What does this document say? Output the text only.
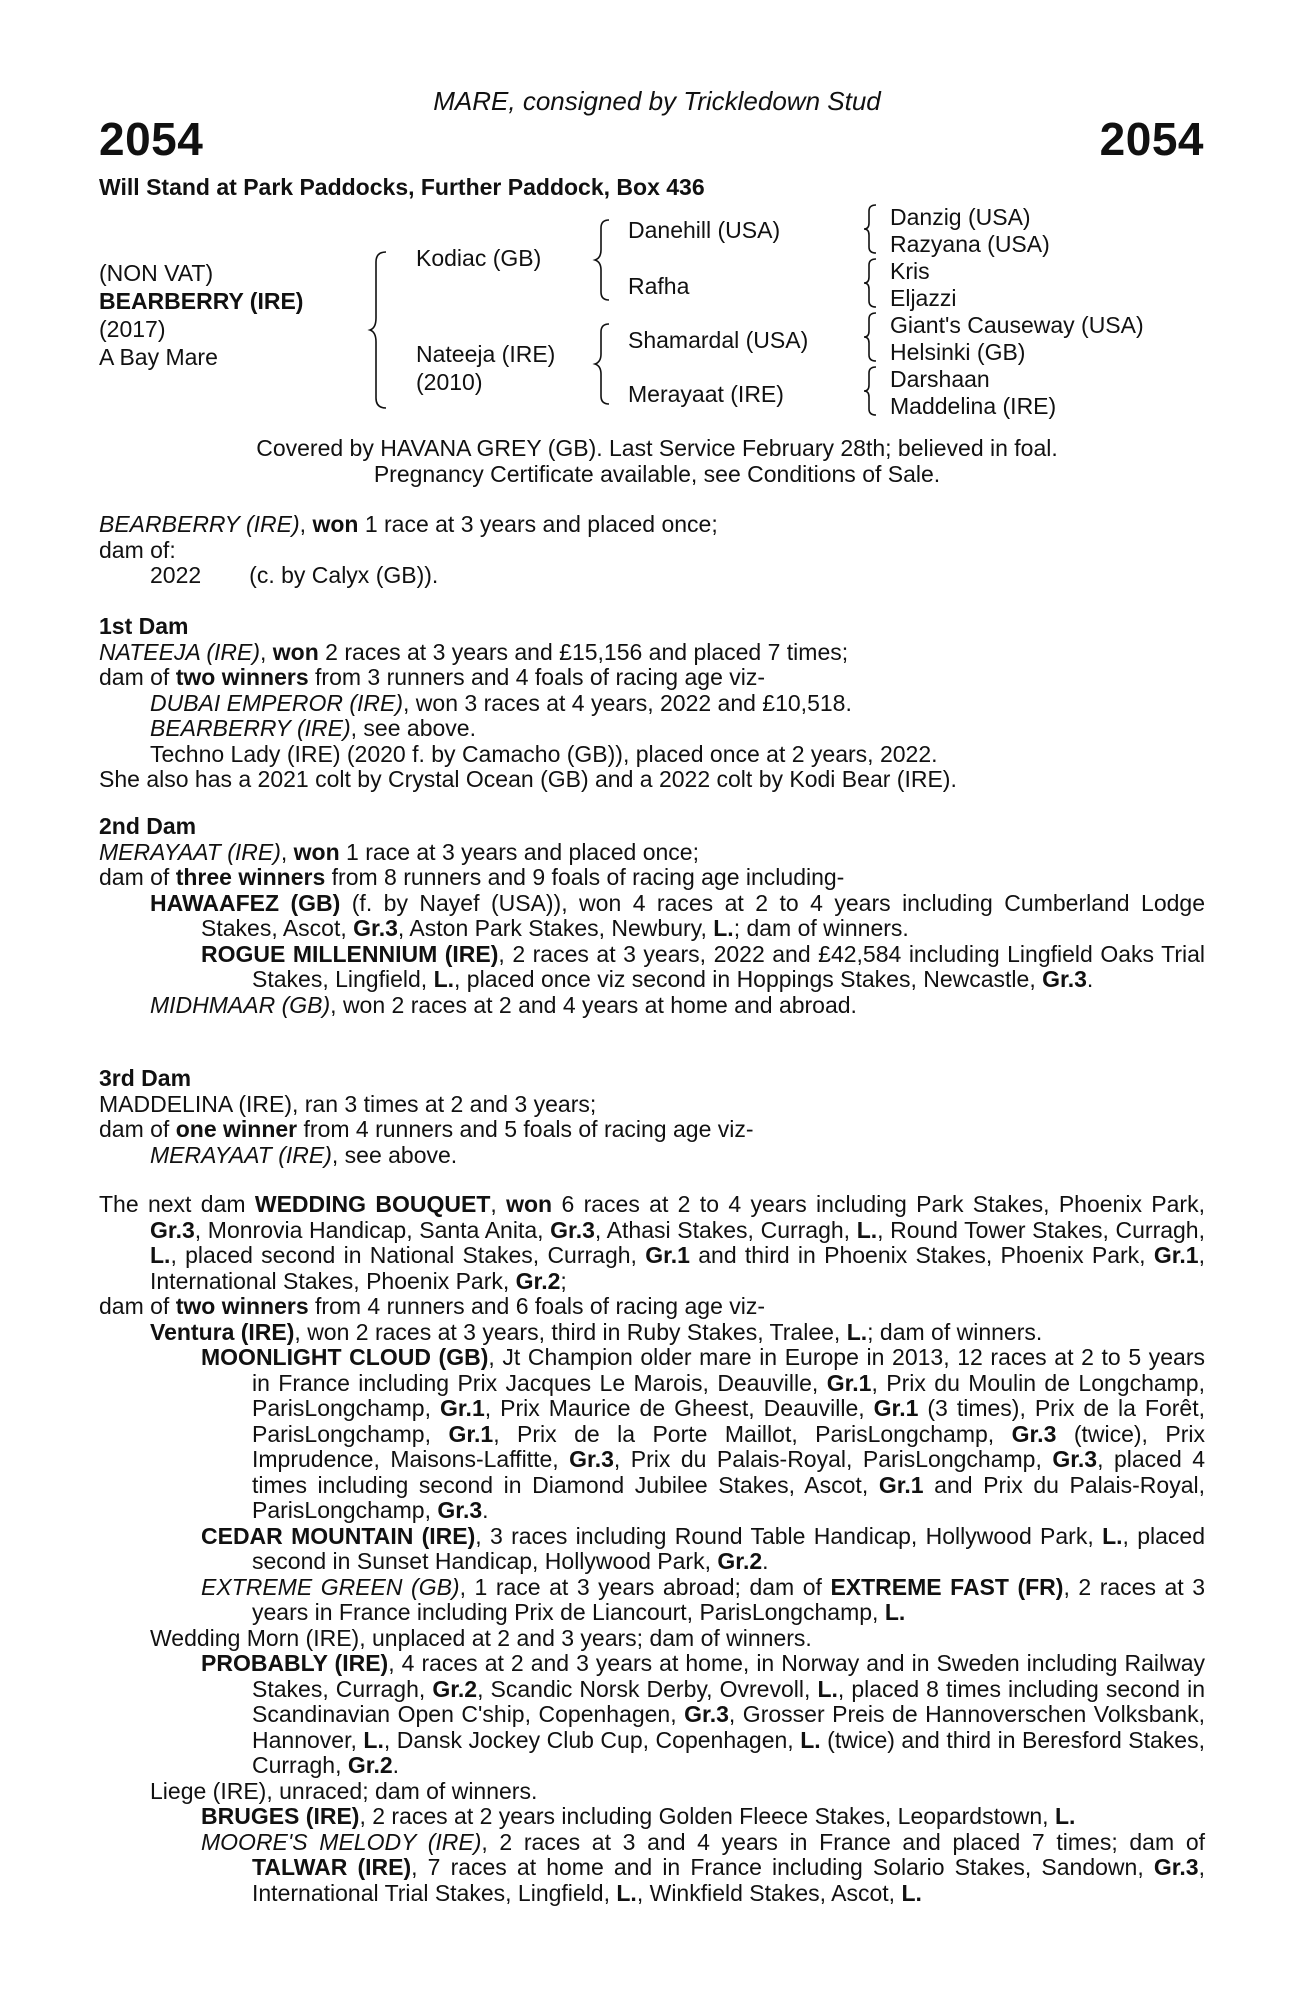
MARE, consigned by Trickledown Stud
2054	2054
Will Stand at Park Paddocks, Further Paddock, Box 436
(NON VAT)
BEARBERRY (IRE)
(2017)
A Bay Mare
Kodiac (GB)
Nateeja (IRE)
(2010)
Danehill (USA)
Rafha
Shamardal (USA)
Merayaat (IRE)
Danzig (USA)
Razyana (USA)
Kris
Eljazzi
Giant's Causeway (USA)
Helsinki (GB)
Darshaan
Maddelina (IRE)
Covered by HAVANA GREY (GB). Last Service February 28th; believed in foal.
Pregnancy Certificate available, see Conditions of Sale.

BEARBERRY (IRE), won 1 race at 3 years and placed once;

dam of:

2022 (c. by Calyx (GB)).

1st Dam

NATEEJA (IRE), won 2 races at 3 years and £15,156 and placed 7 times;

dam of two winners from 3 runners and 4 foals of racing age viz-

DUBAI EMPEROR (IRE), won 3 races at 4 years, 2022 and £10,518.

BEARBERRY (IRE), see above.

Techno Lady (IRE) (2020 f. by Camacho (GB)), placed once at 2 years, 2022.

She also has a 2021 colt by Crystal Ocean (GB) and a 2022 colt by Kodi Bear (IRE).

2nd Dam

MERAYAAT (IRE), won 1 race at 3 years and placed once;

dam of three winners from 8 runners and 9 foals of racing age including-

HAWAAFEZ (GB) (f. by Nayef (USA)), won 4 races at 2 to 4 years including Cumberland Lodge Stakes, Ascot, Gr.3, Aston Park Stakes, Newbury, L.; dam of winners.

ROGUE MILLENNIUM (IRE), 2 races at 3 years, 2022 and £42,584 including Lingfield Oaks Trial Stakes, Lingfield, L., placed once viz second in Hoppings Stakes, Newcastle, Gr.3.

MIDHMAAR (GB), won 2 races at 2 and 4 years at home and abroad.

3rd Dam

MADDELINA (IRE), ran 3 times at 2 and 3 years;

dam of one winner from 4 runners and 5 foals of racing age viz-

MERAYAAT (IRE), see above.

The next dam WEDDING BOUQUET, won 6 races at 2 to 4 years including Park Stakes, Phoenix Park, Gr.3, Monrovia Handicap, Santa Anita, Gr.3, Athasi Stakes, Curragh, L., Round Tower Stakes, Curragh, L., placed second in National Stakes, Curragh, Gr.1 and third in Phoenix Stakes, Phoenix Park, Gr.1, International Stakes, Phoenix Park, Gr.2;

dam of two winners from 4 runners and 6 foals of racing age viz-

Ventura (IRE), won 2 races at 3 years, third in Ruby Stakes, Tralee, L.; dam of winners.

MOONLIGHT CLOUD (GB), Jt Champion older mare in Europe in 2013, 12 races at 2 to 5 years in France including Prix Jacques Le Marois, Deauville, Gr.1, Prix du Moulin de Longchamp, ParisLongchamp, Gr.1, Prix Maurice de Gheest, Deauville, Gr.1 (3 times), Prix de la Forêt, ParisLongchamp, Gr.1, Prix de la Porte Maillot, ParisLongchamp, Gr.3 (twice), Prix Imprudence, Maisons-Laffitte, Gr.3, Prix du Palais-Royal, ParisLongchamp, Gr.3, placed 4 times including second in Diamond Jubilee Stakes, Ascot, Gr.1 and Prix du Palais-Royal, ParisLongchamp, Gr.3.

CEDAR MOUNTAIN (IRE), 3 races including Round Table Handicap, Hollywood Park, L., placed second in Sunset Handicap, Hollywood Park, Gr.2.

EXTREME GREEN (GB), 1 race at 3 years abroad; dam of EXTREME FAST (FR), 2 races at 3 years in France including Prix de Liancourt, ParisLongchamp, L.

Wedding Morn (IRE), unplaced at 2 and 3 years; dam of winners.

PROBABLY (IRE), 4 races at 2 and 3 years at home, in Norway and in Sweden including Railway Stakes, Curragh, Gr.2, Scandic Norsk Derby, Ovrevoll, L., placed 8 times including second in Scandinavian Open C'ship, Copenhagen, Gr.3, Grosser Preis de Hannoverschen Volksbank, Hannover, L., Dansk Jockey Club Cup, Copenhagen, L. (twice) and third in Beresford Stakes, Curragh, Gr.2.

Liege (IRE), unraced; dam of winners.

BRUGES (IRE), 2 races at 2 years including Golden Fleece Stakes, Leopardstown, L.

MOORE'S MELODY (IRE), 2 races at 3 and 4 years in France and placed 7 times; dam of TALWAR (IRE), 7 races at home and in France including Solario Stakes, Sandown, Gr.3, International Trial Stakes, Lingfield, L., Winkfield Stakes, Ascot, L.
